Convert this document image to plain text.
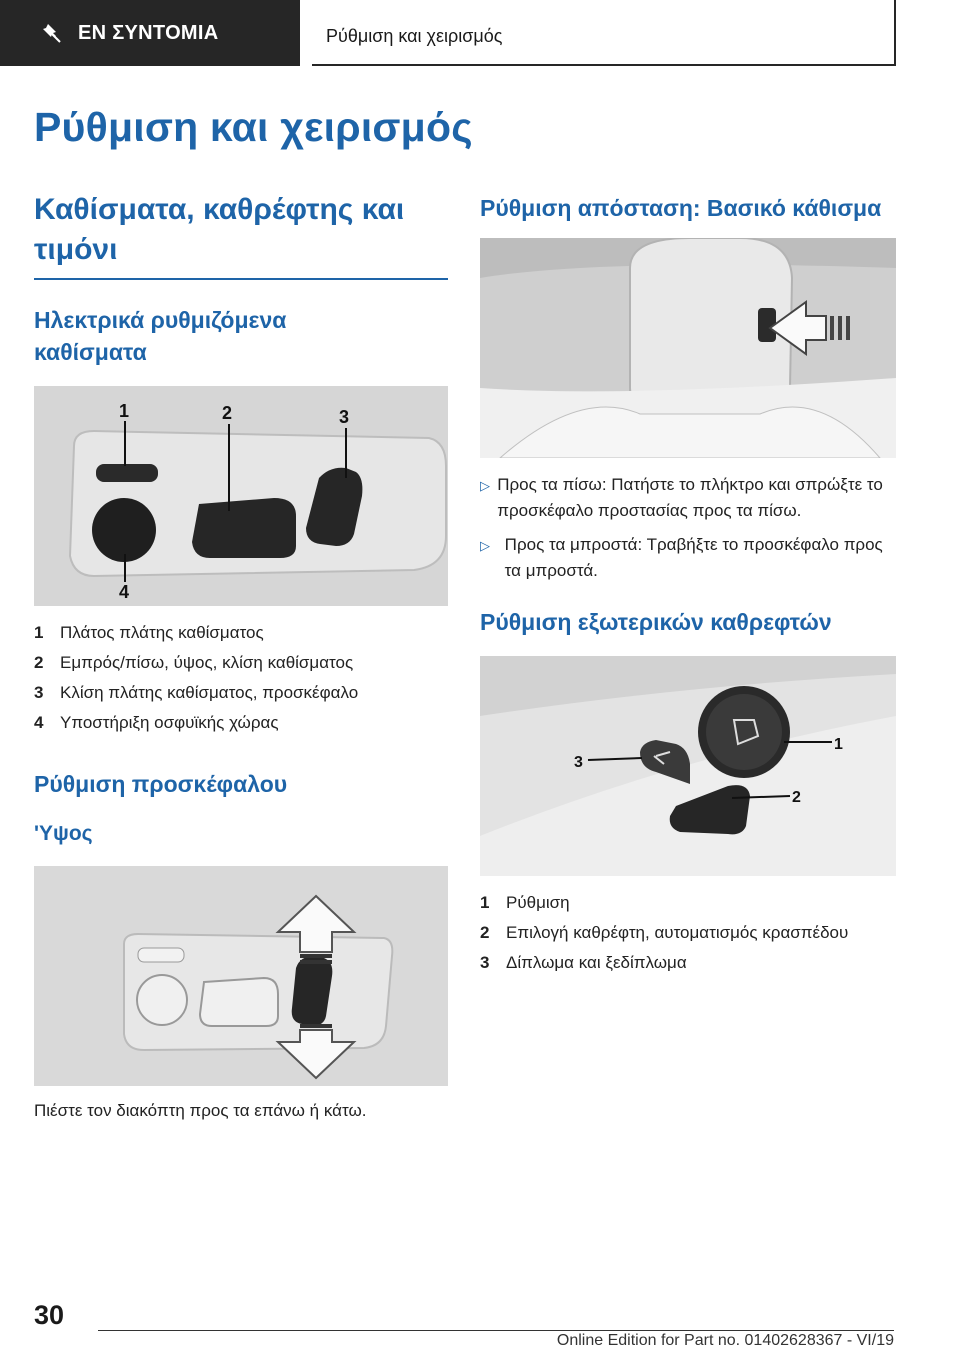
ΕΝ ΣΥΝΤΟΜΙΑ	Ρύθμιση και χειρισμός
Ρύθμιση και χειρισμός
Καθίσματα, καθρέφτης και τιμόνι
Ηλεκτρικά ρυθμιζόμενα καθίσματα
1	2	3
4
1 Πλάτος πλάτης καθίσματος
2 Εμπρός/πίσω, ύψος, κλίση καθίσματος
3 Κλίση πλάτης καθίσματος, προσκέφαλο
4 Υποστήριξη οσφυϊκής χώρας
Ρύθμιση προσκέφαλου
'Υψος
Πιέστε τον διακόπτη προς τα επάνω ή κάτω.
Ρύθμιση απόσταση: Βασικό κάθισμα
▷ Προς τα πίσω: Πατήστε το πλήκτρο και σπρώξτε το προσκέφαλο προστασίας προς τα πίσω.
▷ Προς τα μπροστά: Τραβήξτε το προσκέφαλο προς τα μπροστά.
Ρύθμιση εξωτερικών καθρεφτών
1
2
3
1 Ρύθμιση
2 Επιλογή καθρέφτη, αυτοματισμός κρασπέδου
3 Δίπλωμα και ξεδίπλωμα
30
Online Edition for Part no. 01402628367 - VI/19
